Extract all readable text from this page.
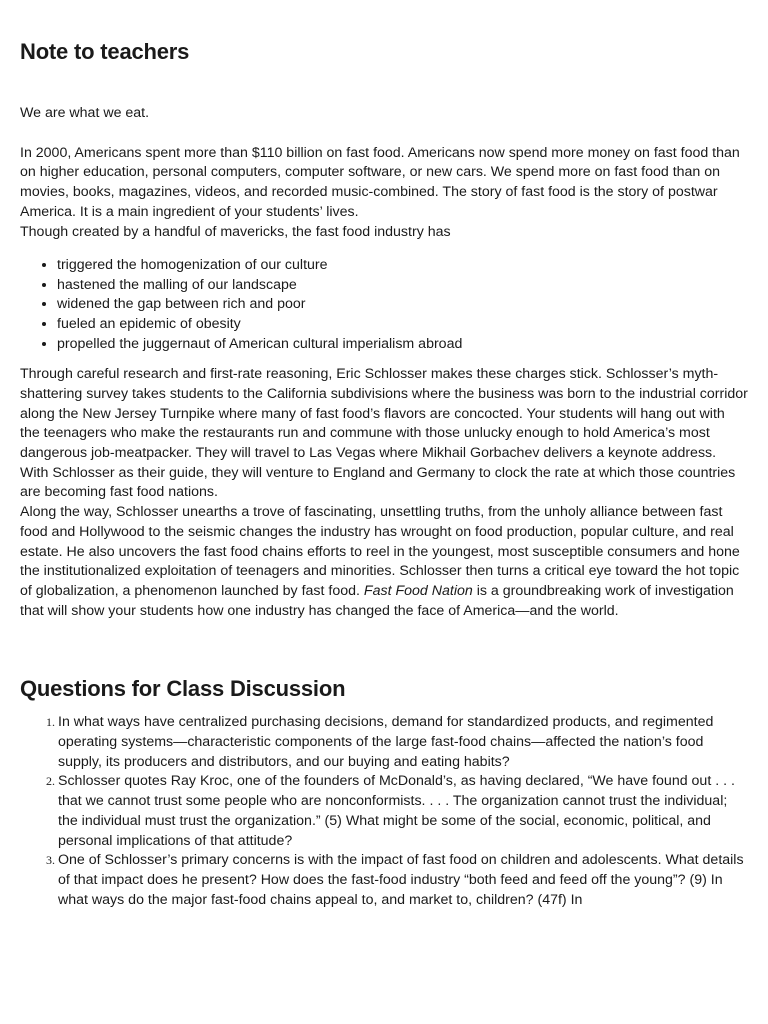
Note to teachers

We are what we eat.

In 2000, Americans spent more than $110 billion on fast food. Americans now spend more money on fast food than on higher education, personal computers, computer software, or new cars. We spend more on fast food than on movies, books, magazines, videos, and recorded music-combined. The story of fast food is the story of postwar America. It is a main ingredient of your students’ lives.
Though created by a handful of mavericks, the fast food industry has

• triggered the homogenization of our culture
• hastened the malling of our landscape
• widened the gap between rich and poor
• fueled an epidemic of obesity
• propelled the juggernaut of American cultural imperialism abroad

Through careful research and first-rate reasoning, Eric Schlosser makes these charges stick. Schlosser’s myth-shattering survey takes students to the California subdivisions where the business was born to the industrial corridor along the New Jersey Turnpike where many of fast food’s flavors are concocted. Your students will hang out with the teenagers who make the restaurants run and commune with those unlucky enough to hold America’s most dangerous job-meatpacker. They will travel to Las Vegas where Mikhail Gorbachev delivers a keynote address. With Schlosser as their guide, they will venture to England and Germany to clock the rate at which those countries are becoming fast food nations.
Along the way, Schlosser unearths a trove of fascinating, unsettling truths, from the unholy alliance between fast food and Hollywood to the seismic changes the industry has wrought on food production, popular culture, and real estate. He also uncovers the fast food chains efforts to reel in the youngest, most susceptible consumers and hone the institutionalized exploitation of teenagers and minorities. Schlosser then turns a critical eye toward the hot topic of globalization, a phenomenon launched by fast food. Fast Food Nation is a groundbreaking work of investigation that will show your students how one industry has changed the face of America—and the world.

Questions for Class Discussion
1. In what ways have centralized purchasing decisions, demand for standardized products, and regimented operating systems—characteristic components of the large fast-food chains—affected the nation’s food supply, its producers and distributors, and our buying and eating habits?
2. Schlosser quotes Ray Kroc, one of the founders of McDonald’s, as having declared, “We have found out . . . that we cannot trust some people who are nonconformists. . . . The organization cannot trust the individual; the individual must trust the organization.” (5) What might be some of the social, economic, political, and personal implications of that attitude?
3. One of Schlosser’s primary concerns is with the impact of fast food on children and adolescents. What details of that impact does he present? How does the fast-food industry “both feed and feed off the young”? (9) In what ways do the major fast-food chains appeal to, and market to, children? (47f) In
